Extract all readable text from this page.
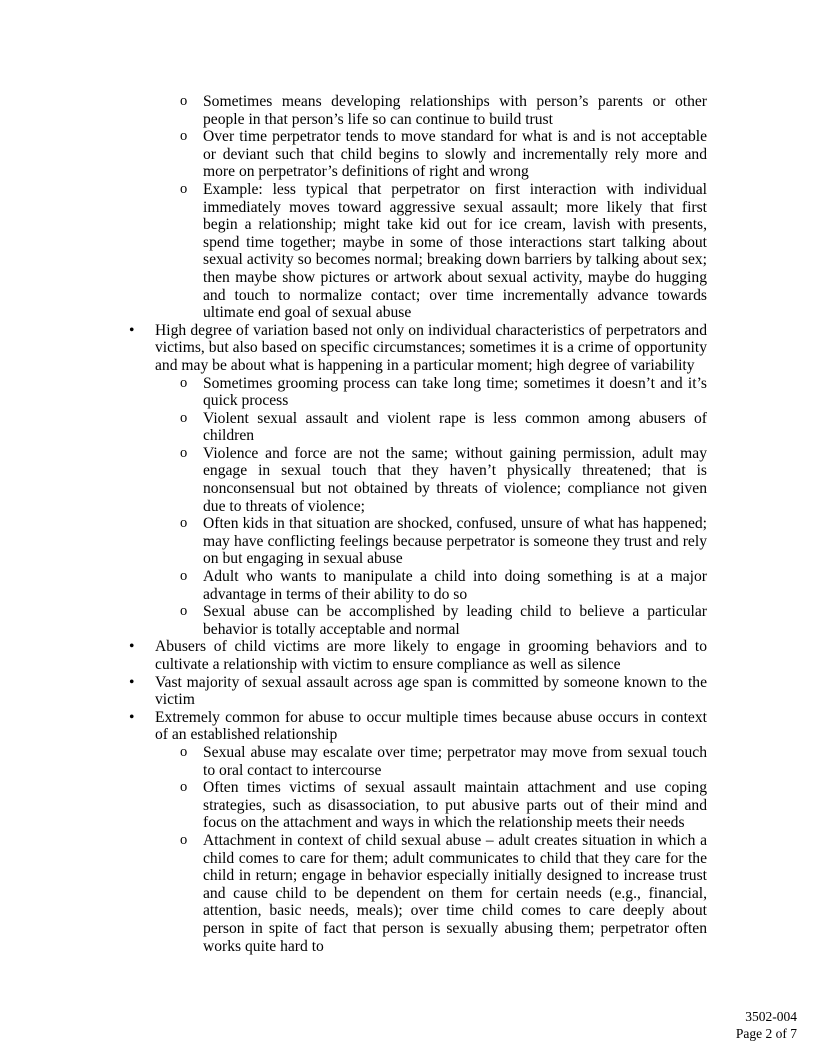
o Sometimes means developing relationships with person’s parents or other people in that person’s life so can continue to build trust
o Over time perpetrator tends to move standard for what is and is not acceptable or deviant such that child begins to slowly and incrementally rely more and more on perpetrator’s definitions of right and wrong
o Example: less typical that perpetrator on first interaction with individual immediately moves toward aggressive sexual assault; more likely that first begin a relationship; might take kid out for ice cream, lavish with presents, spend time together; maybe in some of those interactions start talking about sexual activity so becomes normal; breaking down barriers by talking about sex; then maybe show pictures or artwork about sexual activity, maybe do hugging and touch to normalize contact; over time incrementally advance towards ultimate end goal of sexual abuse
• High degree of variation based not only on individual characteristics of perpetrators and victims, but also based on specific circumstances; sometimes it is a crime of opportunity and may be about what is happening in a particular moment; high degree of variability
o Sometimes grooming process can take long time; sometimes it doesn’t and it’s quick process
o Violent sexual assault and violent rape is less common among abusers of children
o Violence and force are not the same; without gaining permission, adult may engage in sexual touch that they haven’t physically threatened; that is nonconsensual but not obtained by threats of violence; compliance not given due to threats of violence;
o Often kids in that situation are shocked, confused, unsure of what has happened; may have conflicting feelings because perpetrator is someone they trust and rely on but engaging in sexual abuse
o Adult who wants to manipulate a child into doing something is at a major advantage in terms of their ability to do so
o Sexual abuse can be accomplished by leading child to believe a particular behavior is totally acceptable and normal
• Abusers of child victims are more likely to engage in grooming behaviors and to cultivate a relationship with victim to ensure compliance as well as silence
• Vast majority of sexual assault across age span is committed by someone known to the victim
• Extremely common for abuse to occur multiple times because abuse occurs in context of an established relationship
o Sexual abuse may escalate over time; perpetrator may move from sexual touch to oral contact to intercourse
o Often times victims of sexual assault maintain attachment and use coping strategies, such as disassociation, to put abusive parts out of their mind and focus on the attachment and ways in which the relationship meets their needs
o Attachment in context of child sexual abuse – adult creates situation in which a child comes to care for them; adult communicates to child that they care for the child in return; engage in behavior especially initially designed to increase trust and cause child to be dependent on them for certain needs (e.g., financial, attention, basic needs, meals); over time child comes to care deeply about person in spite of fact that person is sexually abusing them; perpetrator often works quite hard to
3502-004
Page 2 of 7
